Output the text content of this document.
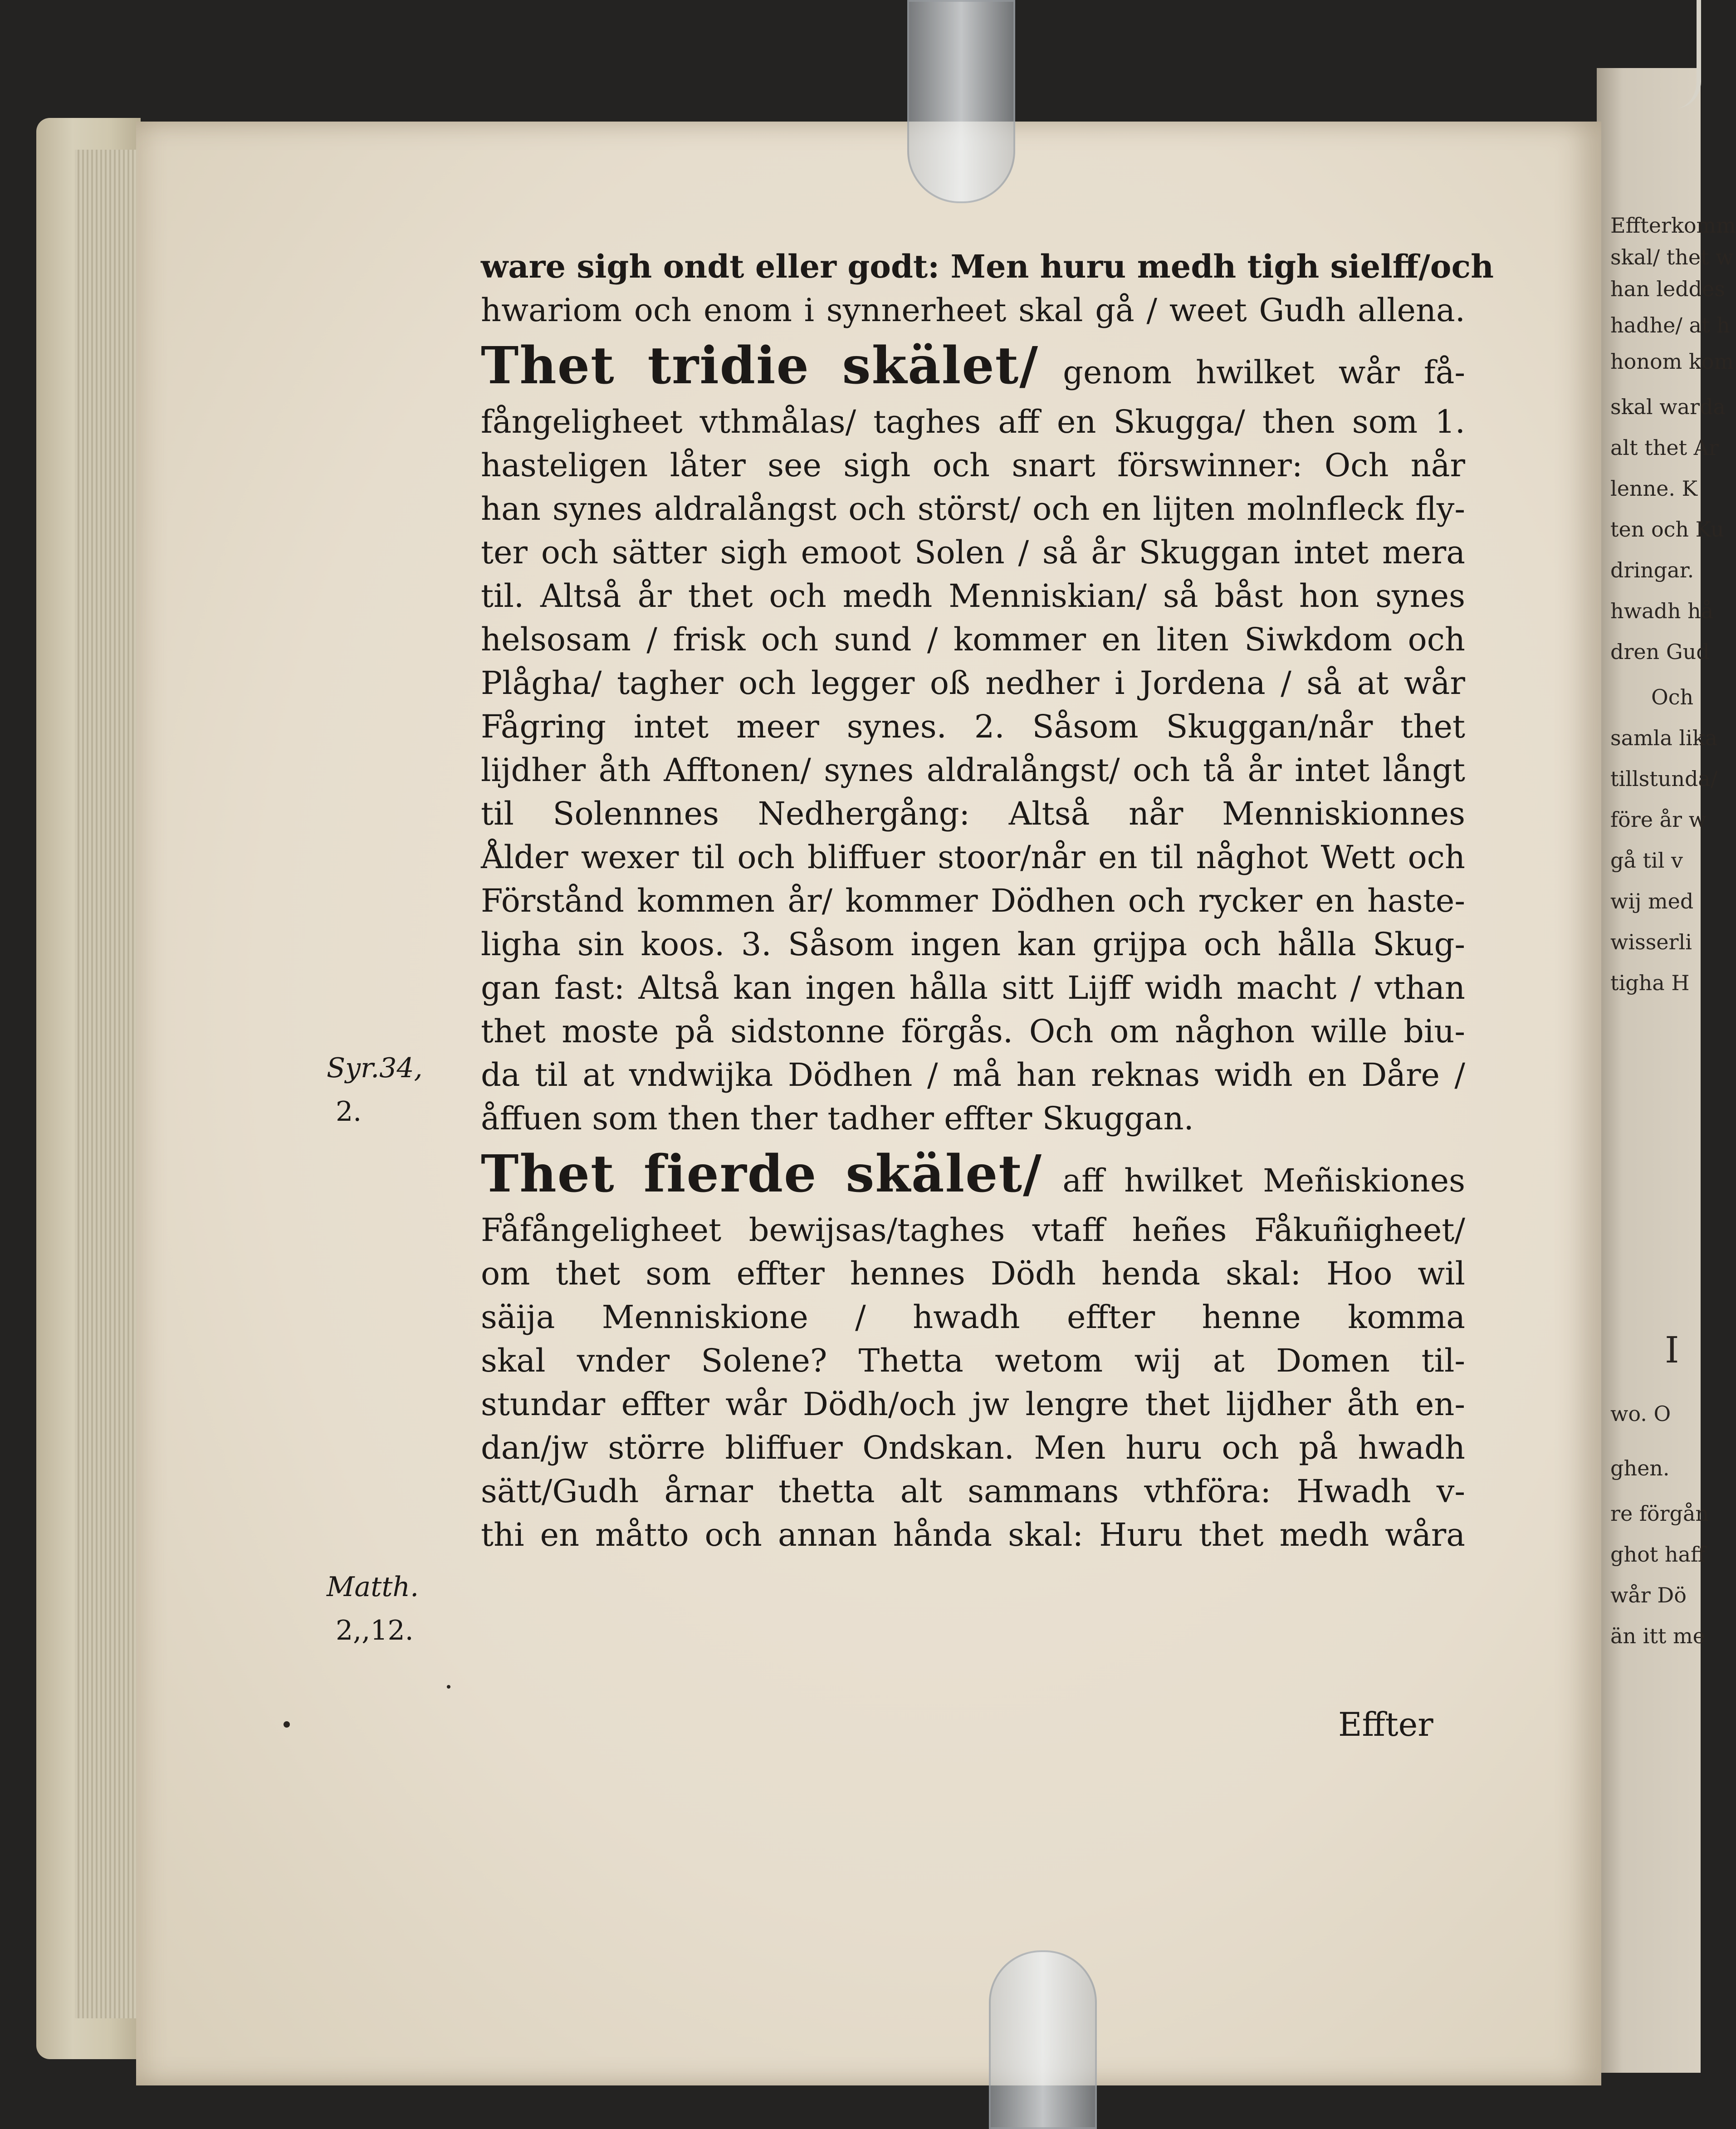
Effterkomm
skal/ thet w
han leddes
hadhe/ at h
honom kom
skal warda
alt thet Ar
lenne. K
ten och Ku
dringar.
hwadh hå
dren Gud
Och
samla lika
tillstunda/
före år w
gå til v
wij med
wisserli
tigha H
I
wo. O
ghen.
re förgån
ghot haff
wår Dö
än itt me
ware sigh ondt eller godt: Men huru medh tigh sielff/och
hwariom och enom i synnerheet skal gå / weet Gudh allena.
Thet tridie skälet/ genom hwilket wår få-
fångeligheet vthmålas/ taghes aff en Skugga/ then som 1.
hasteligen låter see sigh och snart förswinner: Och når
han synes aldralångst och störst/ och en lijten molnfleck fly-
ter och sätter sigh emoot Solen / så år Skuggan intet mera
til. Altså år thet och medh Menniskian/ så båst hon synes
helsosam / frisk och sund / kommer en liten Siwkdom och
Plågha/ tagher och legger oß nedher i Jordena / så at wår
Fågring intet meer synes. 2. Såsom Skuggan/når thet
lijdher åth Afftonen/ synes aldralångst/ och tå år intet långt
til Solennnes Nedhergång: Altså når Menniskionnes
Ålder wexer til och bliffuer stoor/når en til någhot Wett och
Förstånd kommen år/ kommer Dödhen och rycker en haste-
ligha sin koos. 3. Såsom ingen kan grijpa och hålla Skug-
gan fast: Altså kan ingen hålla sitt Lijff widh macht / vthan
thet moste på sidstonne förgås. Och om någhon wille biu-
da til at vndwijka Dödhen / må han reknas widh en Dåre /
åffuen som then ther tadher effter Skuggan.
Thet fierde skälet/ aff hwilket Meñiskiones
Fåfångeligheet bewijsas/taghes vtaff heñes Fåkuñigheet/
om thet som effter hennes Dödh henda skal: Hoo wil
säija Menniskione / hwadh effter henne komma
skal vnder Solene? Thetta wetom wij at Domen til-
stundar effter wår Dödh/och jw lengre thet lijdher åth en-
dan/jw större bliffuer Ondskan. Men huru och på hwadh
sätt/Gudh årnar thetta alt sammans vthföra: Hwadh v-
thi en måtto och annan hånda skal: Huru thet medh wåra
Syr.34,
2.
Matth.
2,,12.
Effter
